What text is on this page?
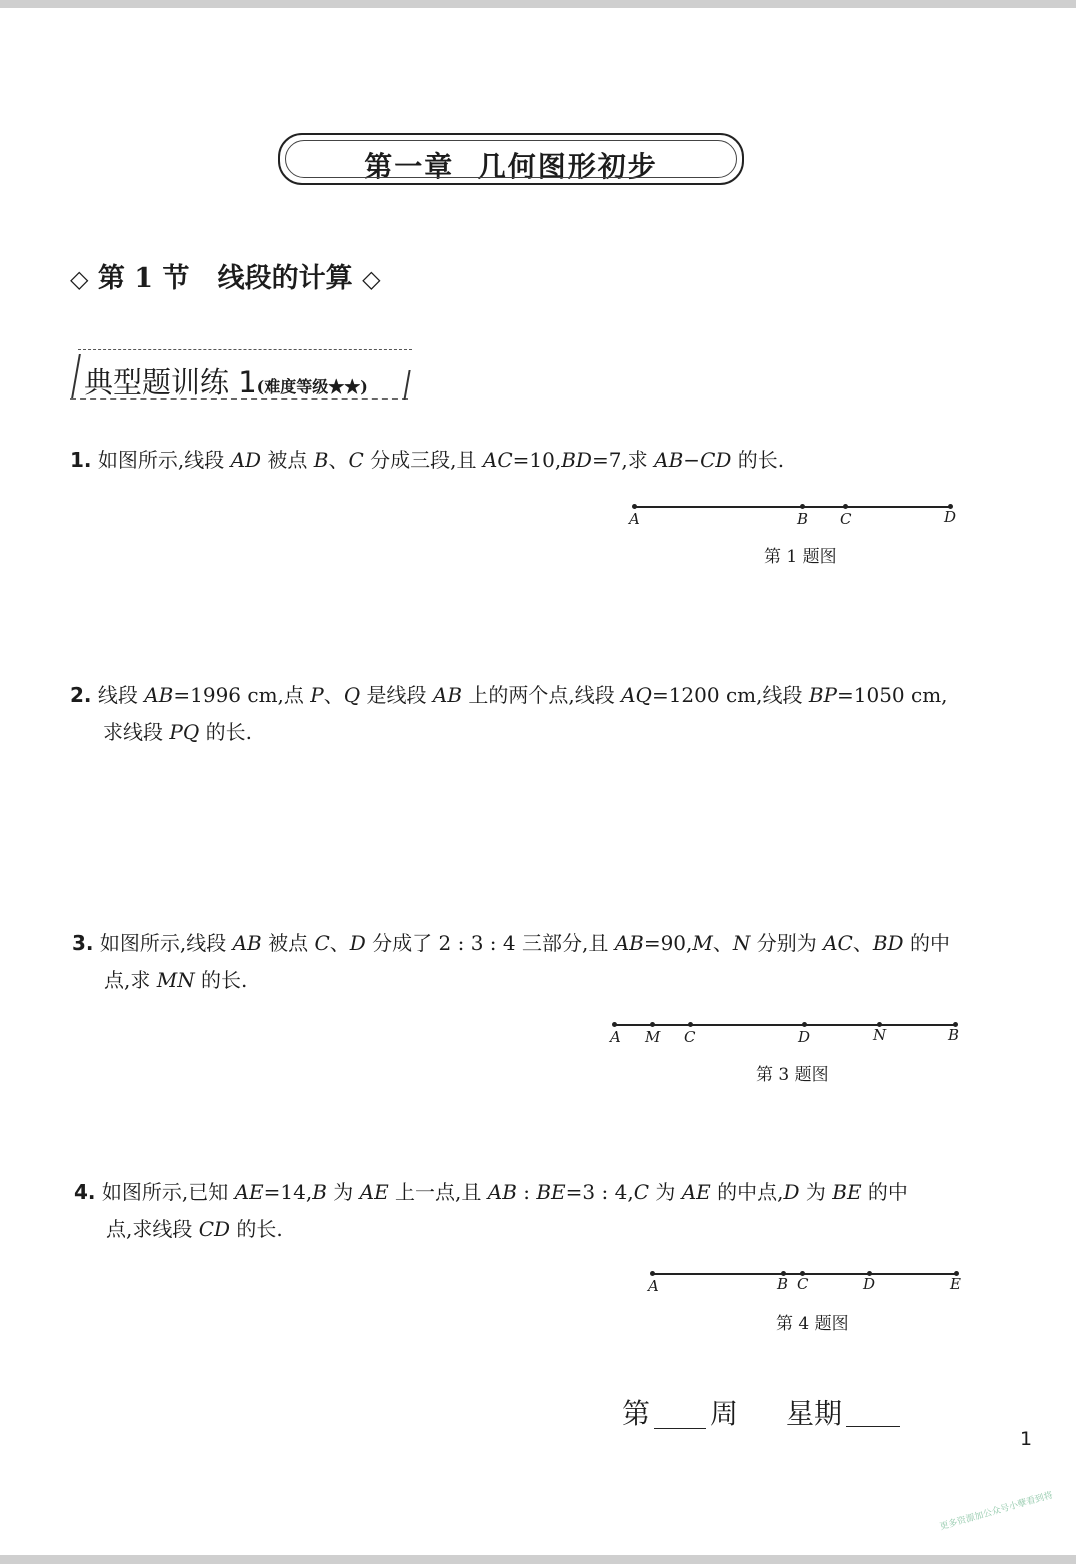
第一章  几何图形初步
◇ 第 1 节   线段的计算 ◇
典型题训练 1(难度等级★★)
1. 如图所示,线段 AD 被点 B、C 分成三段,且 AC=10,BD=7,求 AB−CD 的长.
A	B C	D
第 1 题图
2. 线段 AB=1996 cm,点 P、Q 是线段 AB 上的两个点,线段 AQ=1200 cm,线段 BP=1050 cm,
求线段 PQ 的长.
3. 如图所示,线段 AB 被点 C、D 分成了 2 : 3 : 4 三部分,且 AB=90,M、N 分别为 AC、BD 的中
点,求 MN 的长.
A M C	D	N	B
第 3 题图
4. 如图所示,已知 AE=14,B 为 AE 上一点,且 AB : BE=3 : 4,C 为 AE 的中点,D 为 BE 的中
点,求线段 CD 的长.
A	B C	D	E
第 4 题图
第 周 星期
1
更多资源加公众号小孽看到将
